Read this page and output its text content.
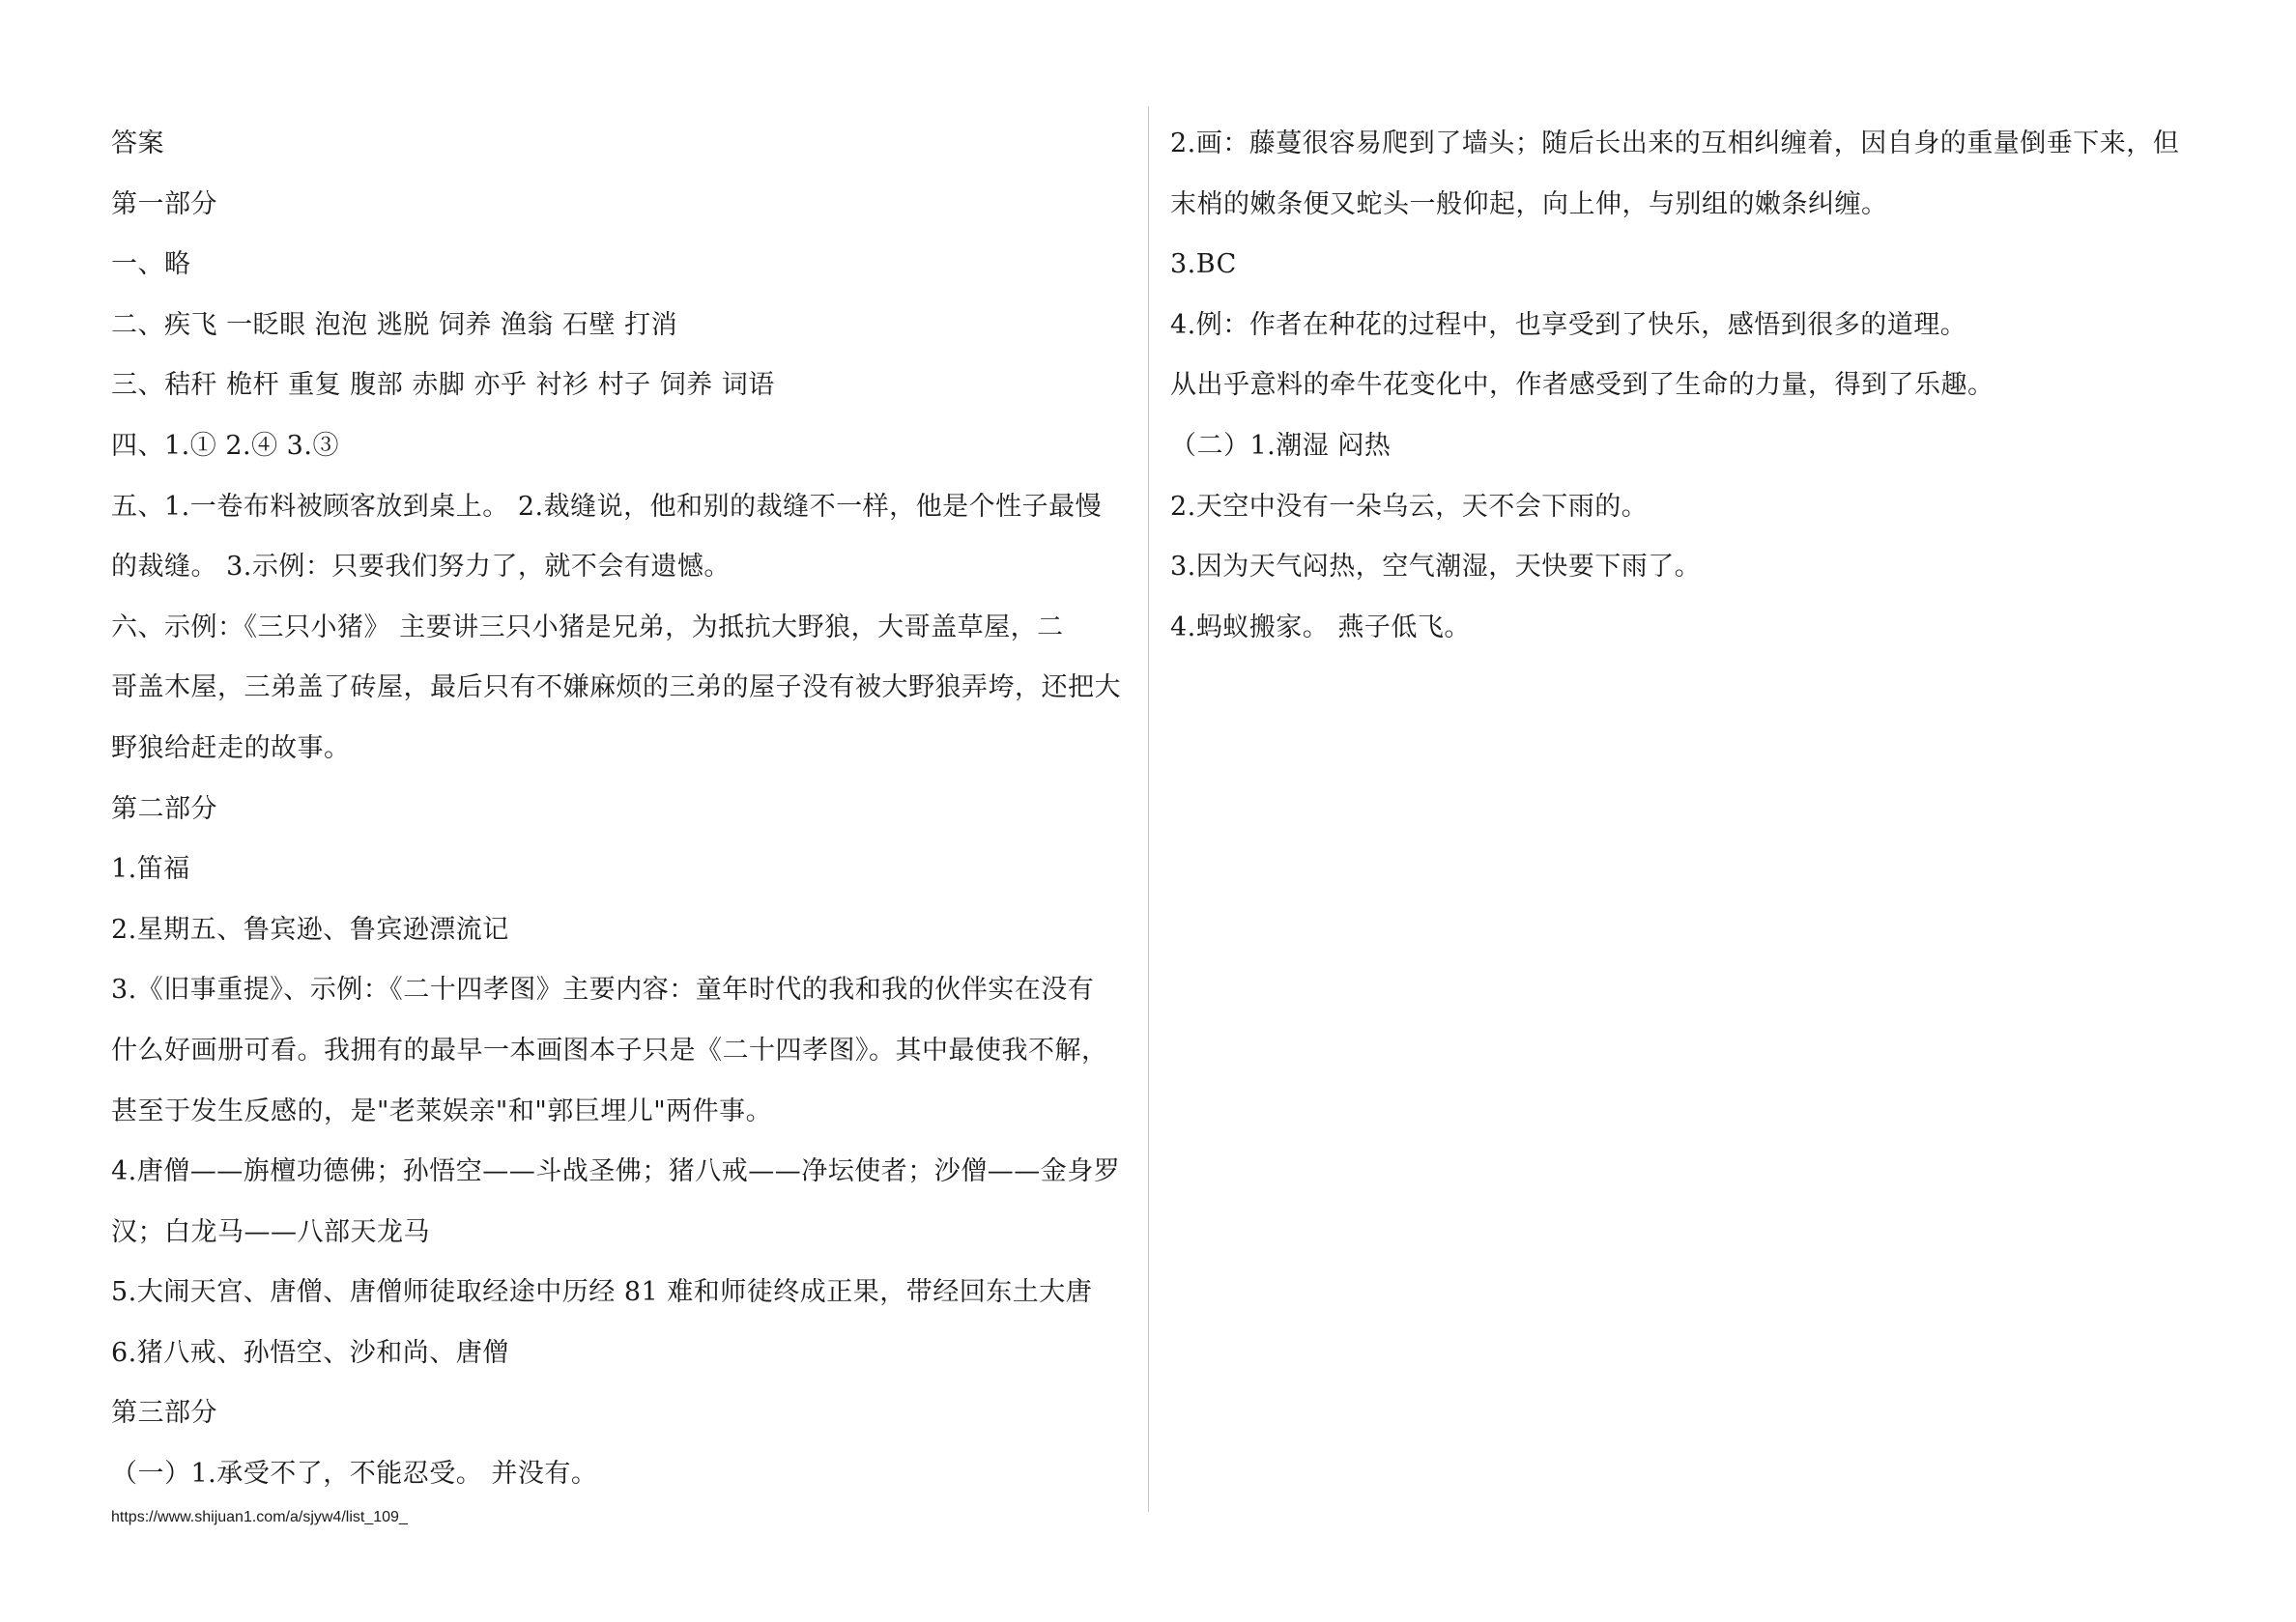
答案
第一部分
一、略
二、疾飞 一眨眼 泡泡 逃脱 饲养 渔翁 石壁 打消
三、秸秆 桅杆 重复 腹部 赤脚 亦乎 衬衫 村子 饲养 词语
四、1.① 2.④ 3.③
五、1.一卷布料被顾客放到桌上。 2.裁缝说，他和别的裁缝不一样，他是个性子最慢
的裁缝。 3.示例：只要我们努力了，就不会有遗憾。
六、示例：《三只小猪》 主要讲三只小猪是兄弟，为抵抗大野狼，大哥盖草屋，二
哥盖木屋，三弟盖了砖屋，最后只有不嫌麻烦的三弟的屋子没有被大野狼弄垮，还把大
野狼给赶走的故事。
第二部分
1.笛福
2.星期五、鲁宾逊、鲁宾逊漂流记
3.《旧事重提》、示例：《二十四孝图》主要内容：童年时代的我和我的伙伴实在没有
什么好画册可看。我拥有的最早一本画图本子只是《二十四孝图》。其中最使我不解，
甚至于发生反感的，是"老莱娱亲"和"郭巨埋儿"两件事。
4.唐僧——旃檀功德佛；孙悟空——斗战圣佛；猪八戒——净坛使者；沙僧——金身罗
汉；白龙马——八部天龙马
5.大闹天宫、唐僧、唐僧师徒取经途中历经 81 难和师徒终成正果，带经回东土大唐
6.猪八戒、孙悟空、沙和尚、唐僧
第三部分
（一）1.承受不了，不能忍受。 并没有。
2.画：藤蔓很容易爬到了墙头；随后长出来的互相纠缠着，因自身的重量倒垂下来，但
末梢的嫩条便又蛇头一般仰起，向上伸，与别组的嫩条纠缠。
3.BC
4.例：作者在种花的过程中，也享受到了快乐，感悟到很多的道理。
从出乎意料的牵牛花变化中，作者感受到了生命的力量，得到了乐趣。
（二）1.潮湿 闷热
2.天空中没有一朵乌云，天不会下雨的。
3.因为天气闷热，空气潮湿，天快要下雨了。
4.蚂蚁搬家。 燕子低飞。
https://www.shijuan1.com/a/sjyw4/list_109_
